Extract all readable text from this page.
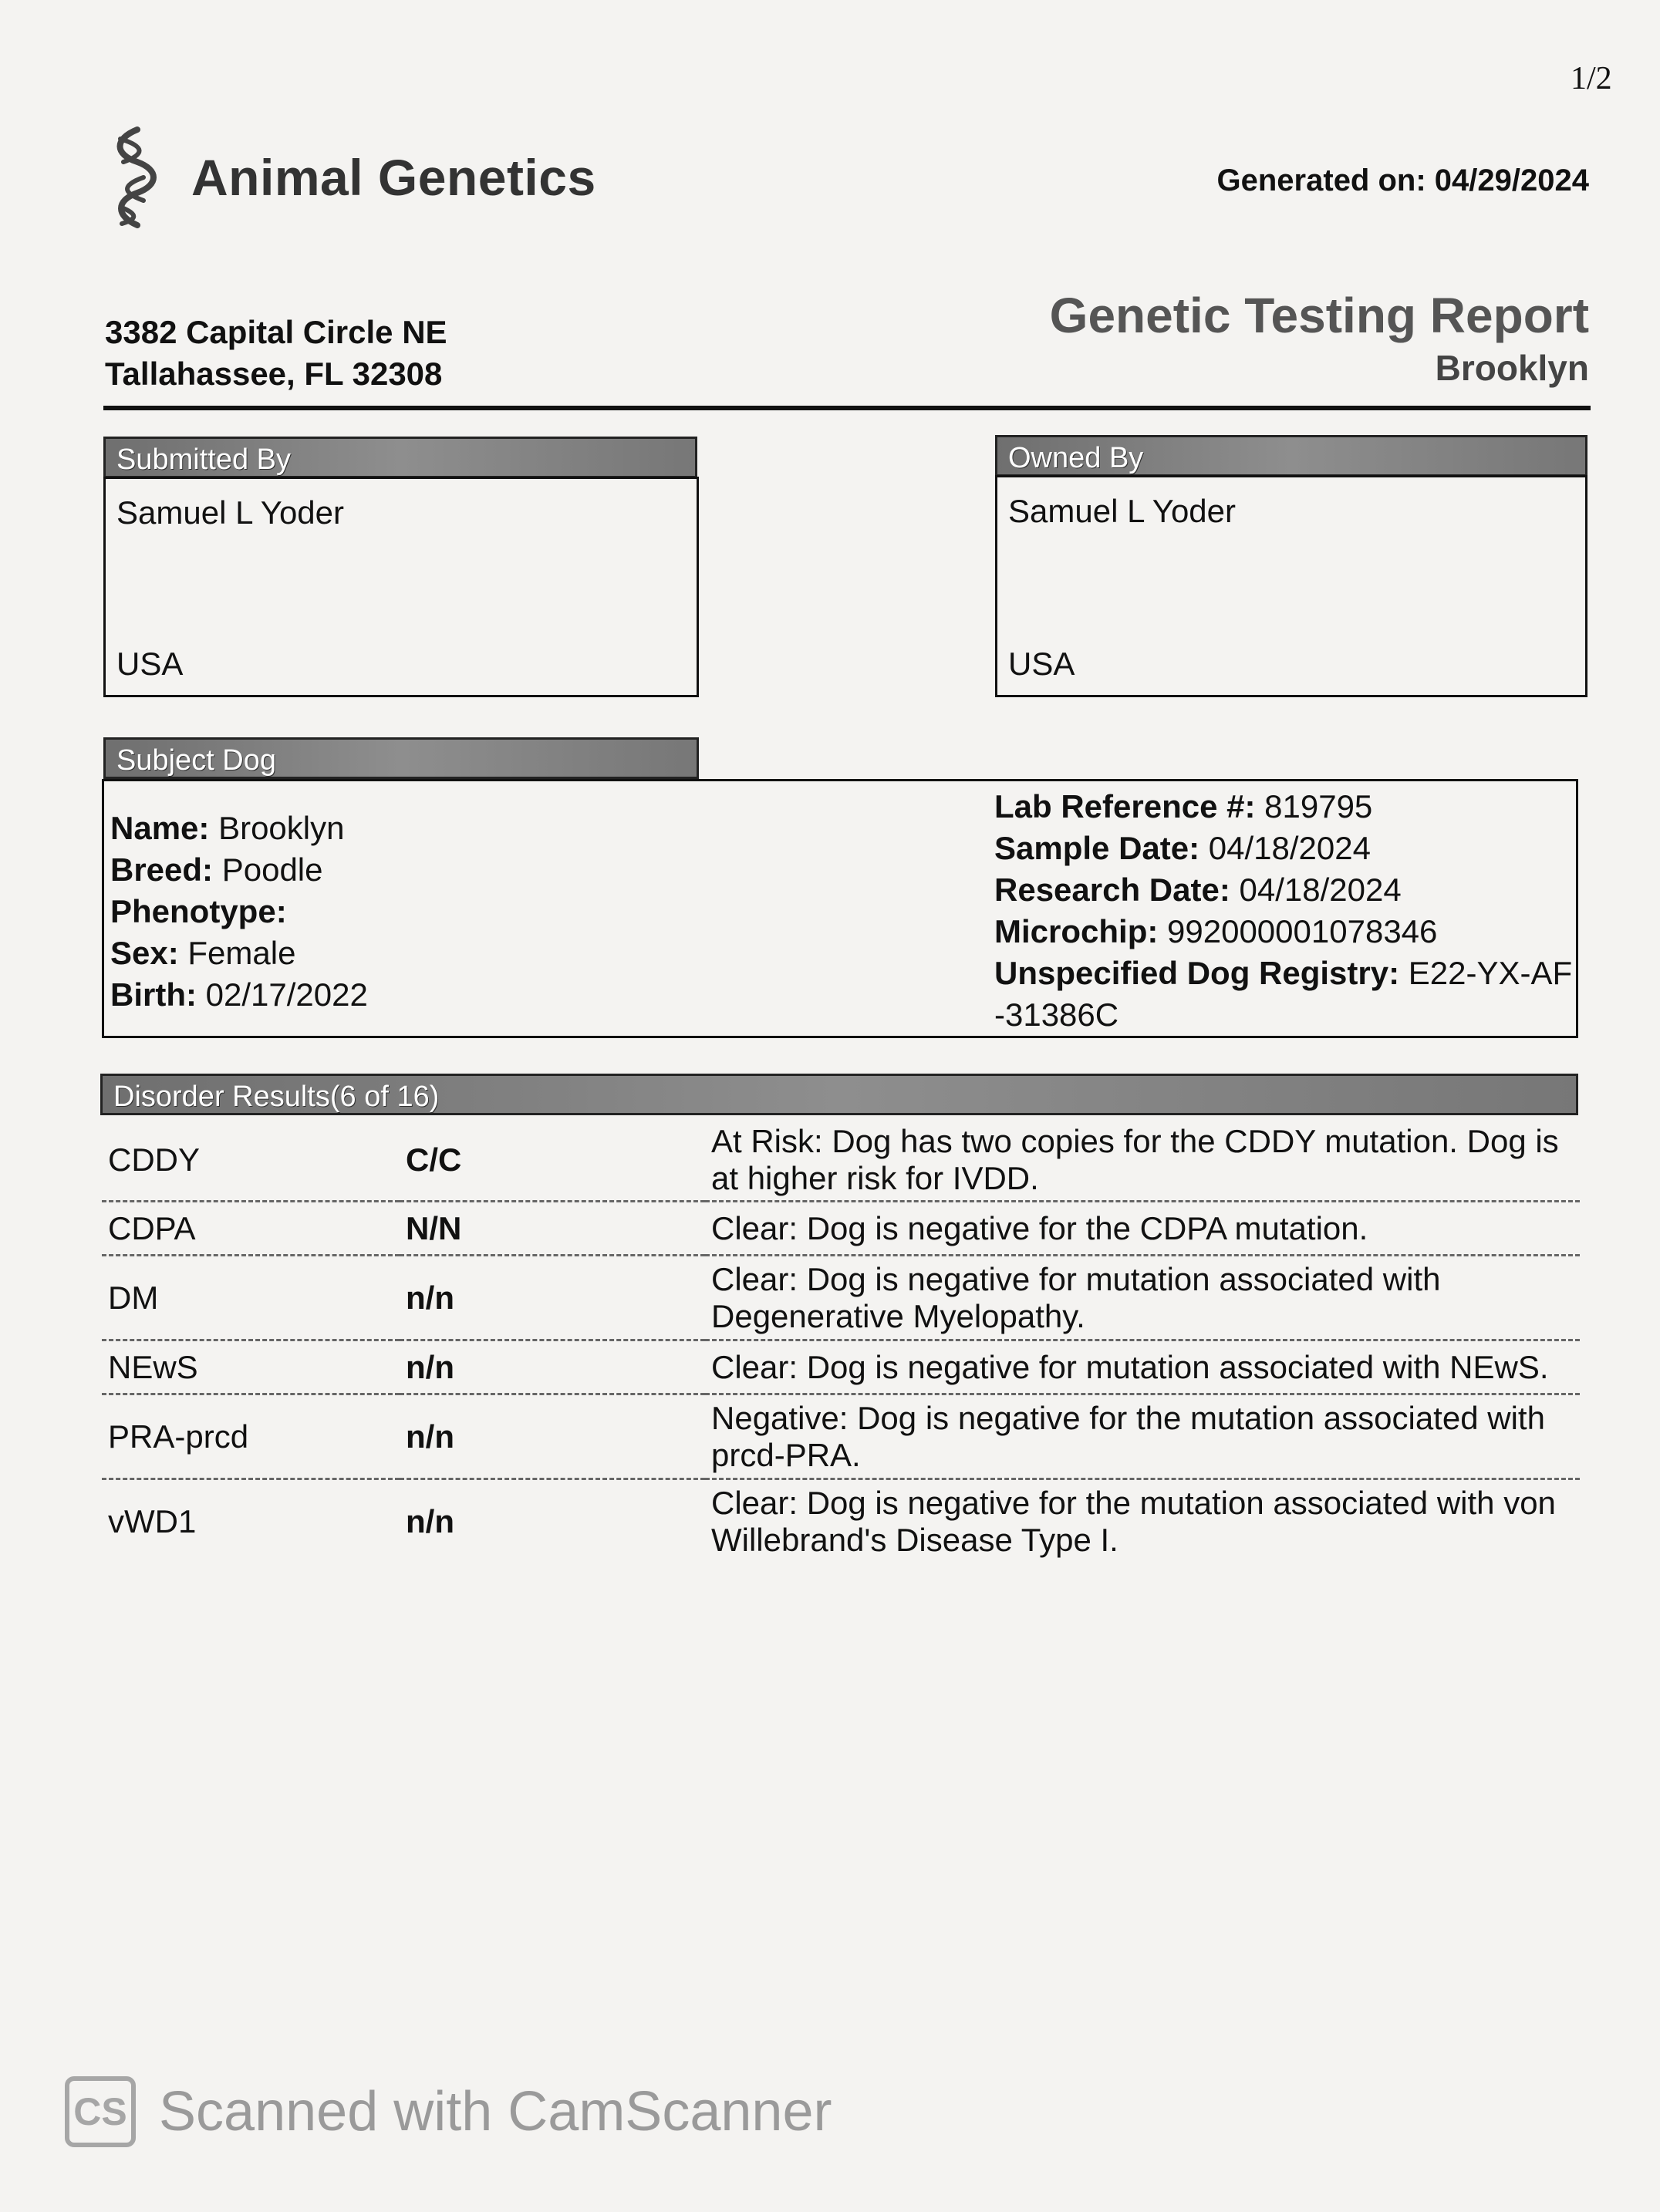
1/2
Animal Genetics	Generated on: 04/29/2024
3382 Capital Circle NE
Tallahassee, FL 32308
Genetic Testing Report
Brooklyn
Submitted By
Samuel L Yoder
USA
Owned By
Samuel L Yoder
USA
Subject Dog
Name: Brooklyn
Breed: Poodle
Phenotype:
Sex: Female
Birth: 02/17/2022
Lab Reference #: 819795
Sample Date: 04/18/2024
Research Date: 04/18/2024
Microchip: 992000001078346
Unspecified Dog Registry: E22-YX-AF-31386C
Disorder Results(6 of 16)
CDDY	C/C	At Risk: Dog has two copies for the CDDY mutation. Dog is at higher risk for IVDD.
CDPA	N/N	Clear: Dog is negative for the CDPA mutation.
DM	n/n	Clear: Dog is negative for mutation associated with Degenerative Myelopathy.
NEwS	n/n	Clear: Dog is negative for mutation associated with NEwS.
PRA-prcd	n/n	Negative: Dog is negative for the mutation associated with prcd-PRA.
vWD1	n/n	Clear: Dog is negative for the mutation associated with von Willebrand's Disease Type I.
CS Scanned with CamScanner
